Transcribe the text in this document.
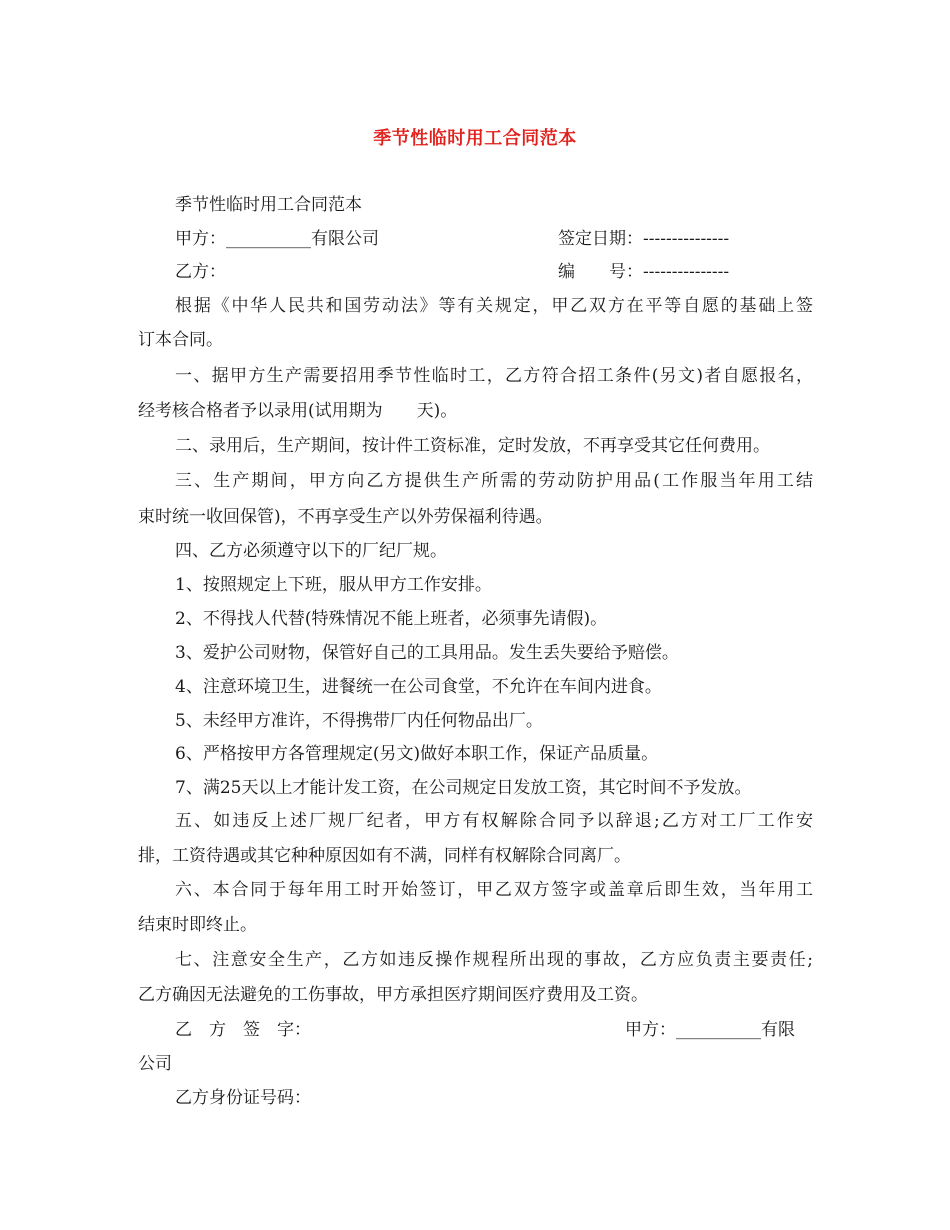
季节性临时用工合同范本
季节性临时用工合同范本
甲方：__________有限公司	签定日期：---------------
乙方：	编　　号：---------------
根据《中华人民共和国劳动法》等有关规定，甲乙双方在平等自愿的基础上签
订本合同。
一、据甲方生产需要招用季节性临时工，乙方符合招工条件(另文)者自愿报名，
经考核合格者予以录用(试用期为　　天)。
二、录用后，生产期间，按计件工资标准，定时发放，不再享受其它任何费用。
三、生产期间，甲方向乙方提供生产所需的劳动防护用品(工作服当年用工结
束时统一收回保管)，不再享受生产以外劳保福利待遇。
四、乙方必须遵守以下的厂纪厂规。
1、按照规定上下班，服从甲方工作安排。
2、不得找人代替(特殊情况不能上班者，必须事先请假)。
3、爱护公司财物，保管好自己的工具用品。发生丢失要给予赔偿。
4、注意环境卫生，进餐统一在公司食堂，不允许在车间内进食。
5、未经甲方准许，不得携带厂内任何物品出厂。
6、严格按甲方各管理规定(另文)做好本职工作，保证产品质量。
7、满25天以上才能计发工资，在公司规定日发放工资，其它时间不予发放。
五、如违反上述厂规厂纪者，甲方有权解除合同予以辞退;乙方对工厂工作安
排，工资待遇或其它种种原因如有不满，同样有权解除合同离厂。
六、本合同于每年用工时开始签订，甲乙双方签字或盖章后即生效，当年用工
结束时即终止。
七、注意安全生产，乙方如违反操作规程所出现的事故，乙方应负责主要责任;
乙方确因无法避免的工伤事故，甲方承担医疗期间医疗费用及工资。
乙　方　签　字：	甲方：__________有限
公司
乙方身份证号码：
